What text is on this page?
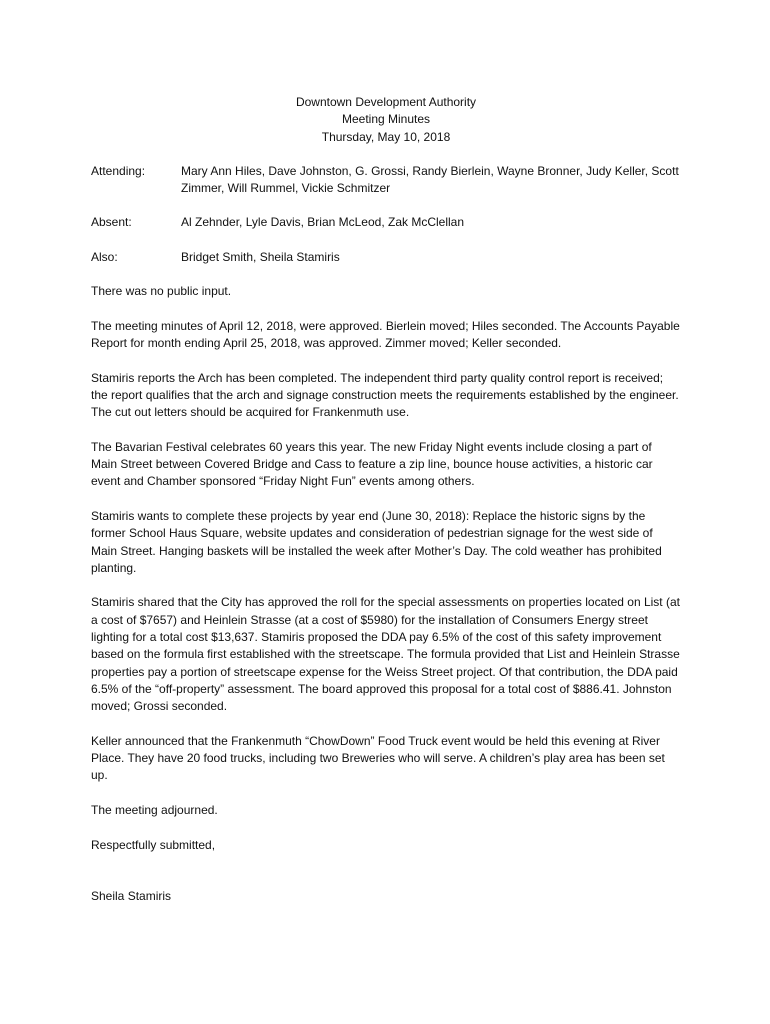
Downtown Development Authority
Meeting Minutes
Thursday, May 10, 2018
Attending:	Mary Ann Hiles, Dave Johnston, G. Grossi, Randy Bierlein, Wayne Bronner, Judy Keller, Scott Zimmer, Will Rummel, Vickie Schmitzer
Absent:	Al Zehnder, Lyle Davis, Brian McLeod, Zak McClellan
Also:	Bridget Smith, Sheila Stamiris

There was no public input.

The meeting minutes of April 12, 2018, were approved. Bierlein moved; Hiles seconded. The Accounts Payable Report for month ending April 25, 2018, was approved. Zimmer moved; Keller seconded.

Stamiris reports the Arch has been completed. The independent third party quality control report is received; the report qualifies that the arch and signage construction meets the requirements established by the engineer. The cut out letters should be acquired for Frankenmuth use.

The Bavarian Festival celebrates 60 years this year. The new Friday Night events include closing a part of Main Street between Covered Bridge and Cass to feature a zip line, bounce house activities, a historic car event and Chamber sponsored “Friday Night Fun” events among others.

Stamiris wants to complete these projects by year end (June 30, 2018): Replace the historic signs by the former School Haus Square, website updates and consideration of pedestrian signage for the west side of Main Street. Hanging baskets will be installed the week after Mother’s Day. The cold weather has prohibited planting.

Stamiris shared that the City has approved the roll for the special assessments on properties located on List (at a cost of $7657) and Heinlein Strasse (at a cost of $5980) for the installation of Consumers Energy street lighting for a total cost $13,637. Stamiris proposed the DDA pay 6.5% of the cost of this safety improvement based on the formula first established with the streetscape. The formula provided that List and Heinlein Strasse properties pay a portion of streetscape expense for the Weiss Street project. Of that contribution, the DDA paid 6.5% of the “off-property” assessment. The board approved this proposal for a total cost of $886.41. Johnston moved; Grossi seconded.

Keller announced that the Frankenmuth “ChowDown” Food Truck event would be held this evening at River Place. They have 20 food trucks, including two Breweries who will serve. A children’s play area has been set up.

The meeting adjourned.

Respectfully submitted,

Sheila Stamiris
